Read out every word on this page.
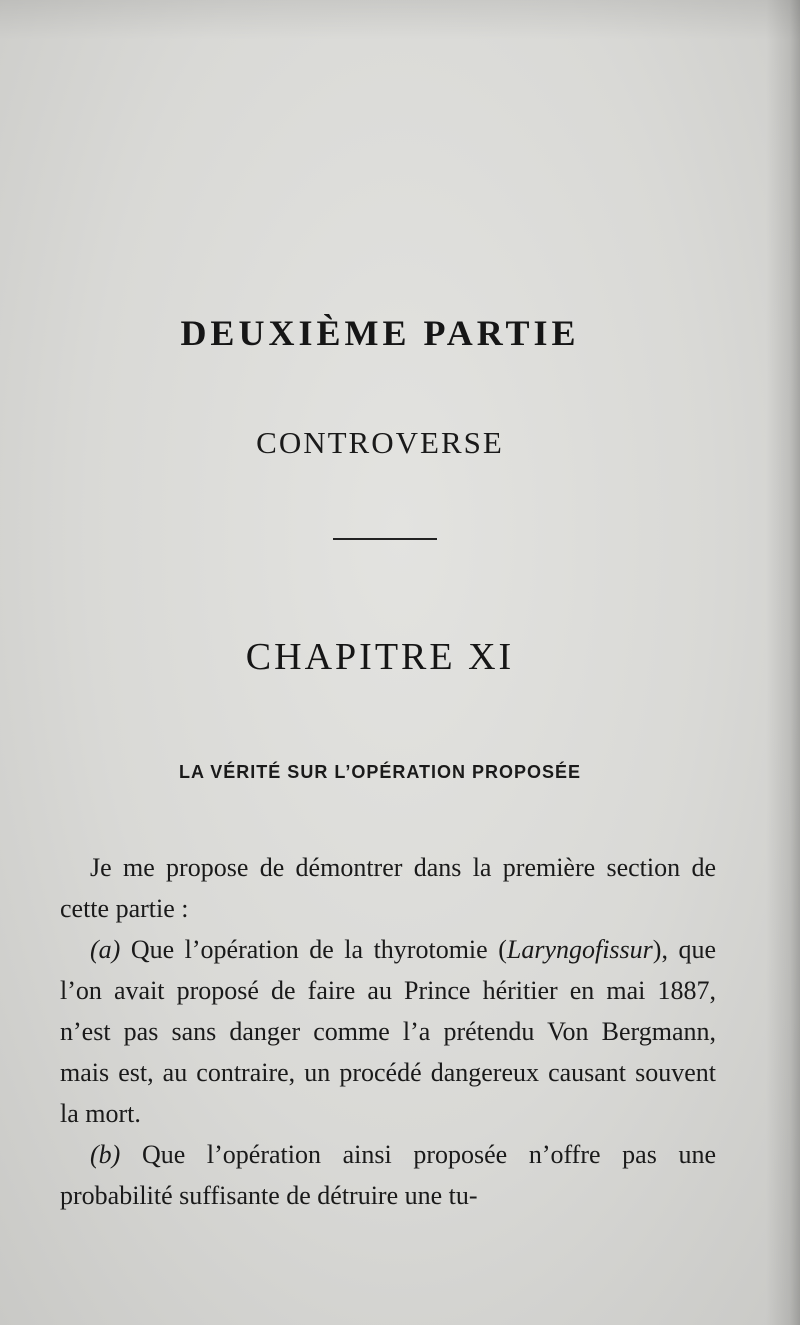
DEUXIÈME PARTIE
CONTROVERSE
CHAPITRE XI
LA VÉRITÉ SUR L’OPÉRATION PROPOSÉE

Je me propose de démontrer dans la première section de cette partie :

(a) Que l’opération de la thyrotomie (Laryngofissur), que l’on avait proposé de faire au Prince héritier en mai 1887, n’est pas sans danger comme l’a prétendu Von Bergmann, mais est, au contraire, un procédé dangereux causant souvent la mort.

(b) Que l’opération ainsi proposée n’offre pas une probabilité suffisante de détruire une tu-
